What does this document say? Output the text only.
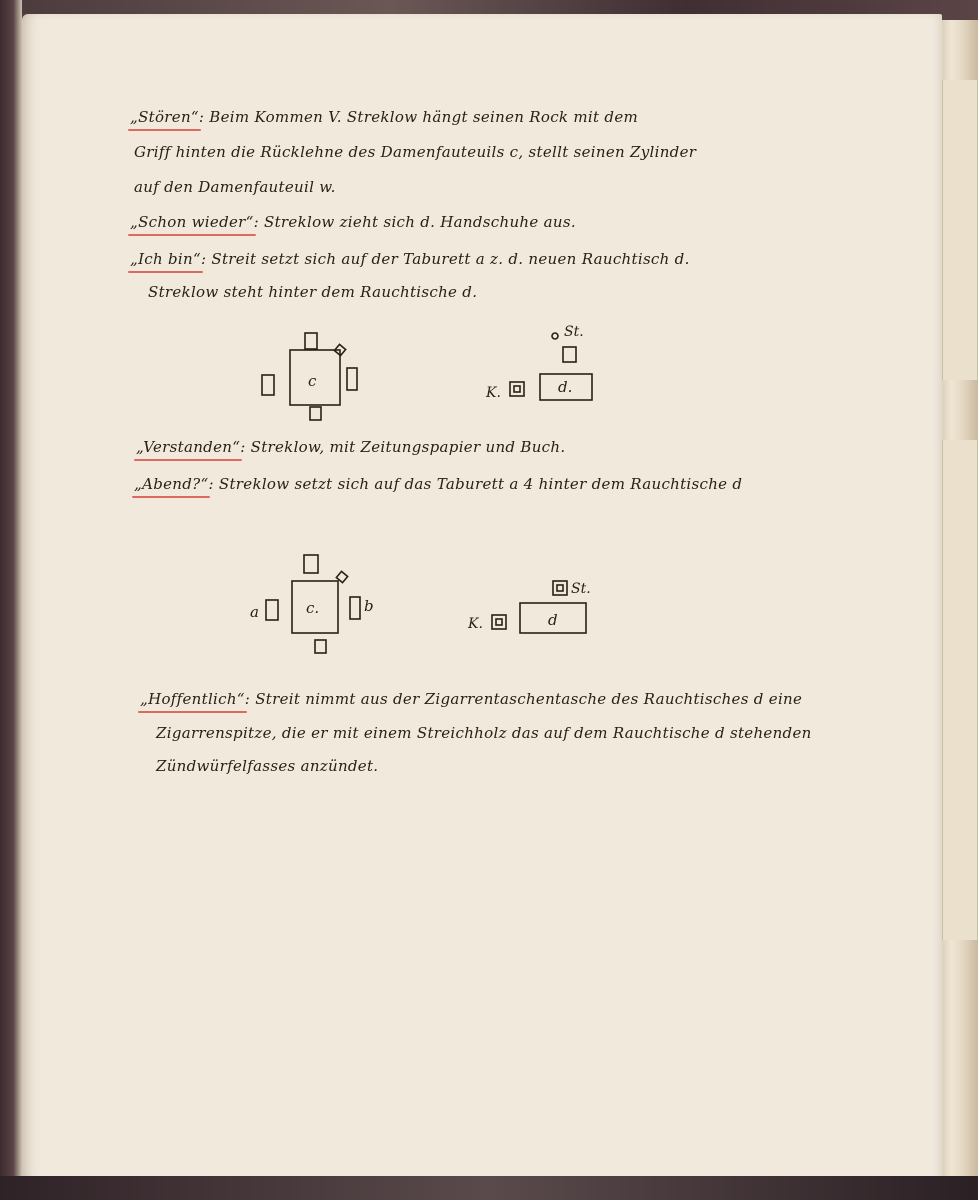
„Stören“: Beim Kommen V. Streklow hängt seinen Rock mit dem
Griff hinten die Rücklehne des Damenfauteuils c, stellt seinen Zylinder
auf den Damenfauteuil w.
„Schon wieder“: Streklow zieht sich d. Handschuhe aus.
„Ich bin“: Streit setzt sich auf der Taburett a z. d. neuen Rauchtisch d.
Streklow steht hinter dem Rauchtische d.
c	d.
St.
K.
„Verstanden“: Streklow, mit Zeitungspapier und Buch.
„Abend?“: Streklow setzt sich auf das Taburett a 4 hinter dem Rauchtische d
c.
d
St.
K.
a	b
„Hoffentlich“: Streit nimmt aus der Zigarrentaschentasche des Rauchtisches d eine
Zigarrenspitze, die er mit einem Streichholz das auf dem Rauchtische d stehenden
Zündwürfelfasses anzündet.
